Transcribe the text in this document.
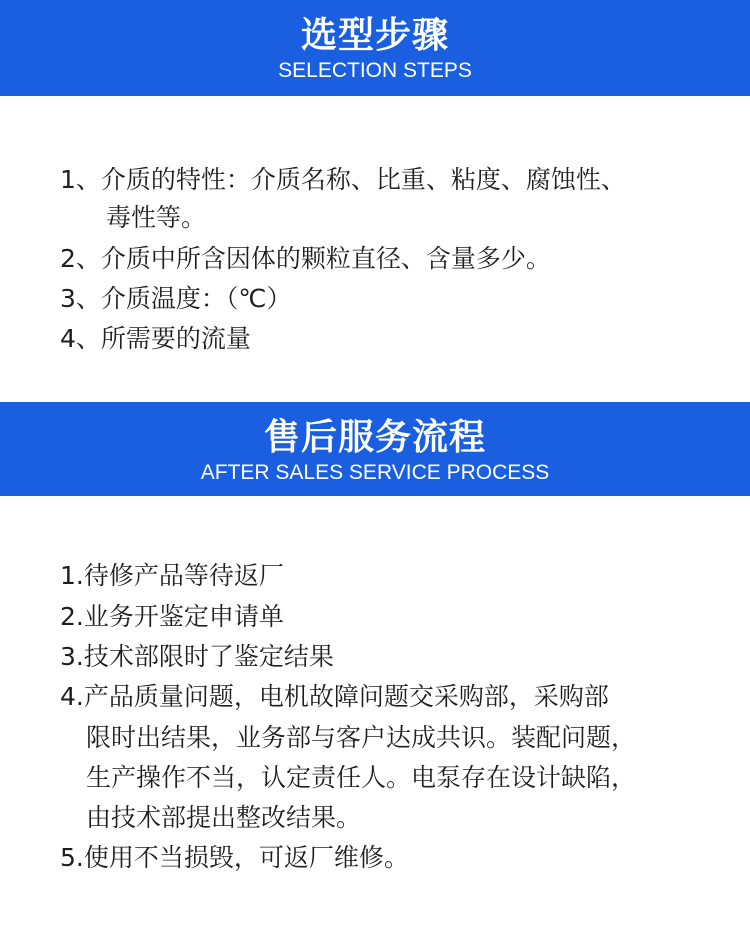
选型步骤
SELECTION STEPS
1、介质的特性：介质名称、比重、粘度、腐蚀性、
毒性等。
2、介质中所含因体的颗粒直径、含量多少。
3、介质温度：（℃）
4、所需要的流量
售后服务流程
AFTER SALES SERVICE PROCESS
1.待修产品等待返厂
2.业务开鉴定申请单
3.技术部限时了鉴定结果
4.产品质量问题，电机故障问题交采购部，采购部
限时出结果，业务部与客户达成共识。装配问题，
生产操作不当，认定责任人。电泵存在设计缺陷，
由技术部提出整改结果。
5.使用不当损毁，可返厂维修。
